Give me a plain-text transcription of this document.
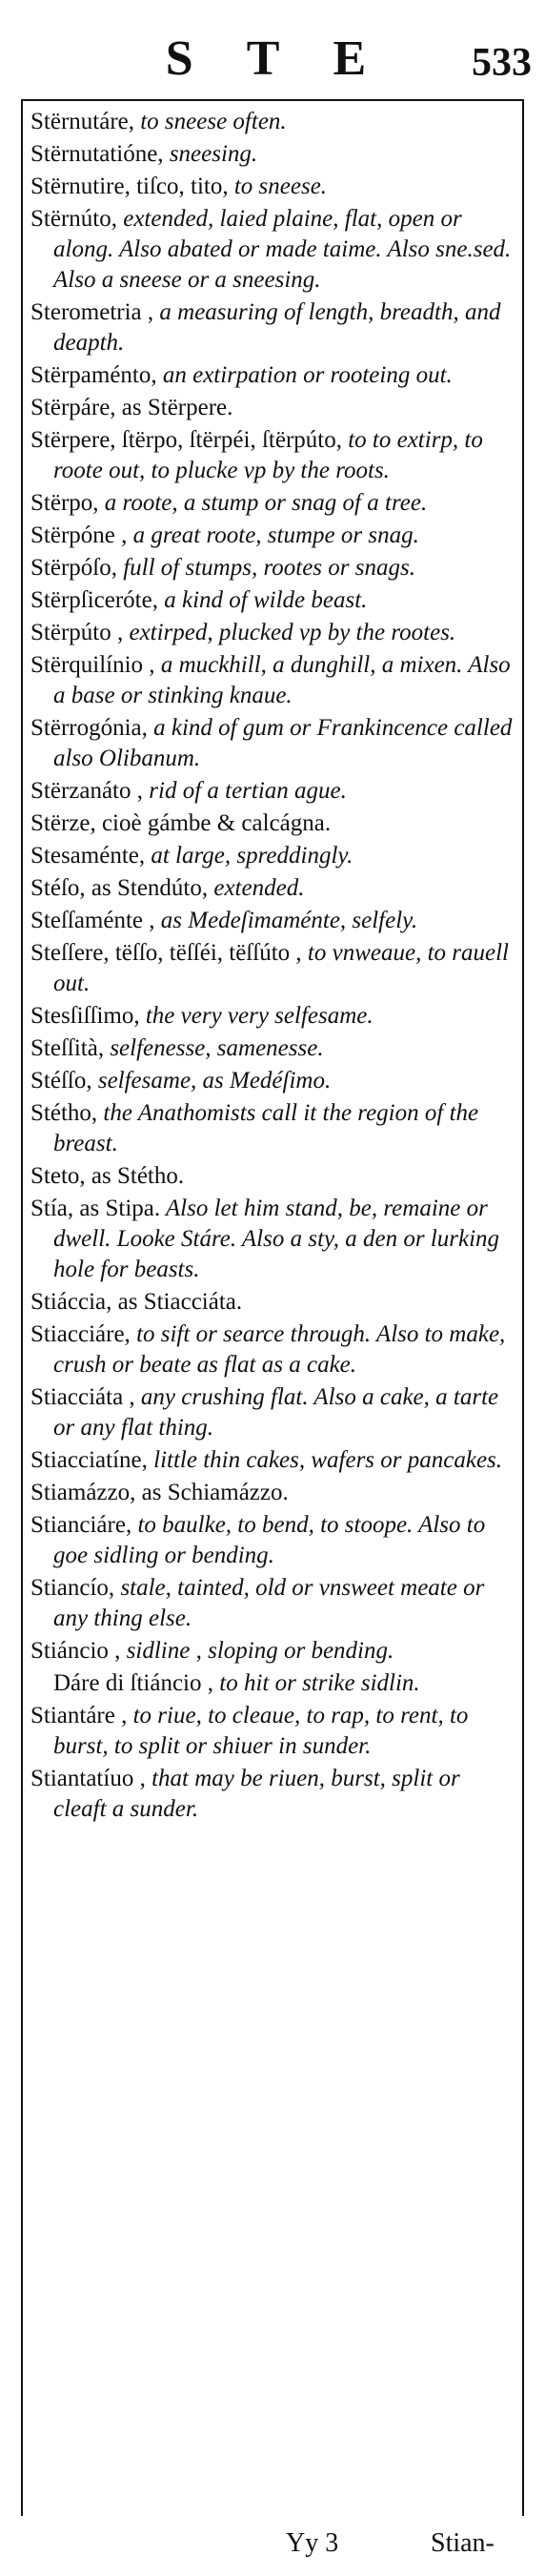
S T E	533

Stërnutáre, to sneese often.

Stërnutatióne, sneesing.

Stërnutire, tiſco, tito, to sneese.

Stërnúto, extended, laied plaine, flat, open or along. Also abated or made taime. Also sne.sed. Also a sneese or a sneesing.

Sterometria , a measuring of length, breadth, and deapth.

Stërpaménto, an extirpation or rooteing out.

Stërpáre, as Stërpere.

Stërpere, ſtërpo, ſtërpéi, ſtërpúto, to to extirp, to roote out, to plucke vp by the roots.

Stërpo, a roote, a stump or snag of a tree.

Stërpóne , a great roote, stumpe or snag.

Stërpóſo, full of stumps, rootes or snags.

Stërpſiceróte, a kind of wilde beast.

Stërpúto , extirped, plucked vp by the rootes.

Stërquilínio , a muckhill, a dunghill, a mixen. Also a base or stinking knaue.

Stërrogónia, a kind of gum or Frankincence called also Olibanum.

Stërzanáto , rid of a tertian ague.

Stërze, cioè gámbe & calcágna.

Stesaménte, at large, spreddingly.

Stéſo, as Stendúto, extended.

Steſſaménte , as Medeſimaménte, selfely.

Steſſere, tëſſo, tëſſéi, tëſſúto , to vnweaue, to rauell out.

Stesſiſſimo, the very very selfesame.

Steſſità, selfenesse, samenesse.

Stéſſo, selfesame, as Medéſimo.

Stétho, the Anathomists call it the region of the breast.

Steto, as Stétho.

Stía, as Stipa. Also let him stand, be, remaine or dwell. Looke Stáre. Also a sty, a den or lurking hole for beasts.

Stiáccia, as Stiacciáta.

Stiacciáre, to sift or searce through. Also to make, crush or beate as flat as a cake.

Stiacciáta , any crushing flat. Also a cake, a tarte or any flat thing.

Stiacciatíne, little thin cakes, wafers or pancakes.

Stiamázzo, as Schiamázzo.

Stianciáre, to baulke, to bend, to stoope. Also to goe sidling or bending.

Stiancío, stale, tainted, old or vnsweet meate or any thing else.

Stiáncio , sidline , sloping or bending.

Dáre di ſtiáncio , to hit or strike sidlin.

Stiantáre , to riue, to cleaue, to rap, to rent, to burst, to split or shiuer in sunder.

Stiantatíuo , that may be riuen, burst, split or cleaft a sunder.

Yy 3	Stian-
